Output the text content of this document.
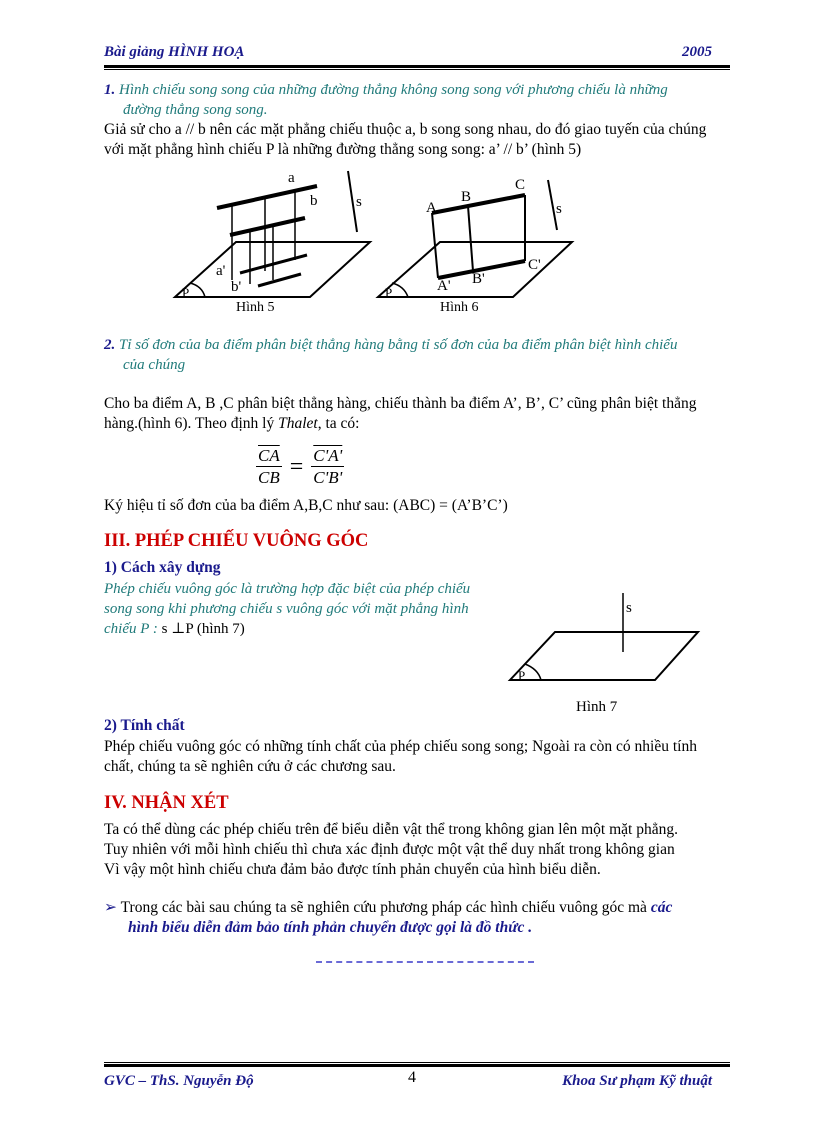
Bài giảng HÌNH HOẠ	2005
1. Hình chiếu song song của những đường thẳng không song song với phương chiếu là những
đường thẳng song song.
Giả sử cho a // b nên các mặt phẳng chiếu thuộc a, b song song nhau, do đó giao tuyến của chúng
với mặt phẳng hình chiếu P là những đường thẳng song song: a’ // b’ (hình 5)
a
b	s
a'
b'
P
Hình 5
A
B
C
s
A' B'
C'
P
Hình 6
2. Tỉ số đơn của ba điểm phân biệt thẳng hàng bằng tỉ số đơn của ba điểm phân biệt hình chiếu
của chúng
Cho ba điểm A, B ,C phân biệt thẳng hàng, chiếu thành ba điểm A’, B’, C’ cũng phân biệt thẳng
hàng.(hình 6). Theo định lý Thalet, ta có:
$\frac{\overline{CA}}{CB} = \frac{C'A'}{C'B'}$
Ký hiệu tỉ số đơn của ba điểm A,B,C như sau: (ABC) = (A’B’C’)
III. PHÉP CHIẾU VUÔNG GÓC
1) Cách xây dựng
Phép chiếu vuông góc là trường hợp đặc biệt của phép chiếu
song song khi phương chiếu s vuông góc với mặt phẳng hình
chiếu P : s ⊥P (hình 7)
s
P
Hình 7
2) Tính chất
Phép chiếu vuông góc có những tính chất của phép chiếu song song; Ngoài ra còn có nhiều tính
chất, chúng ta sẽ nghiên cứu ở các chương sau.
IV. NHẬN XÉT
Ta có thể dùng các phép chiếu trên để biểu diễn vật thể trong không gian lên một mặt phẳng.
Tuy nhiên với mỗi hình chiếu thì chưa xác định được một vật thể duy nhất trong không gian
Vì vậy một hình chiếu chưa đảm bảo được tính phản chuyển của hình biểu diễn.
➢ Trong các bài sau chúng ta sẽ nghiên cứu phương pháp các hình chiếu vuông góc mà các
hình biểu diễn đảm bảo tính phản chuyển được gọi là đồ thức .
GVC – ThS. Nguyễn Độ	4	Khoa Sư phạm Kỹ thuật
